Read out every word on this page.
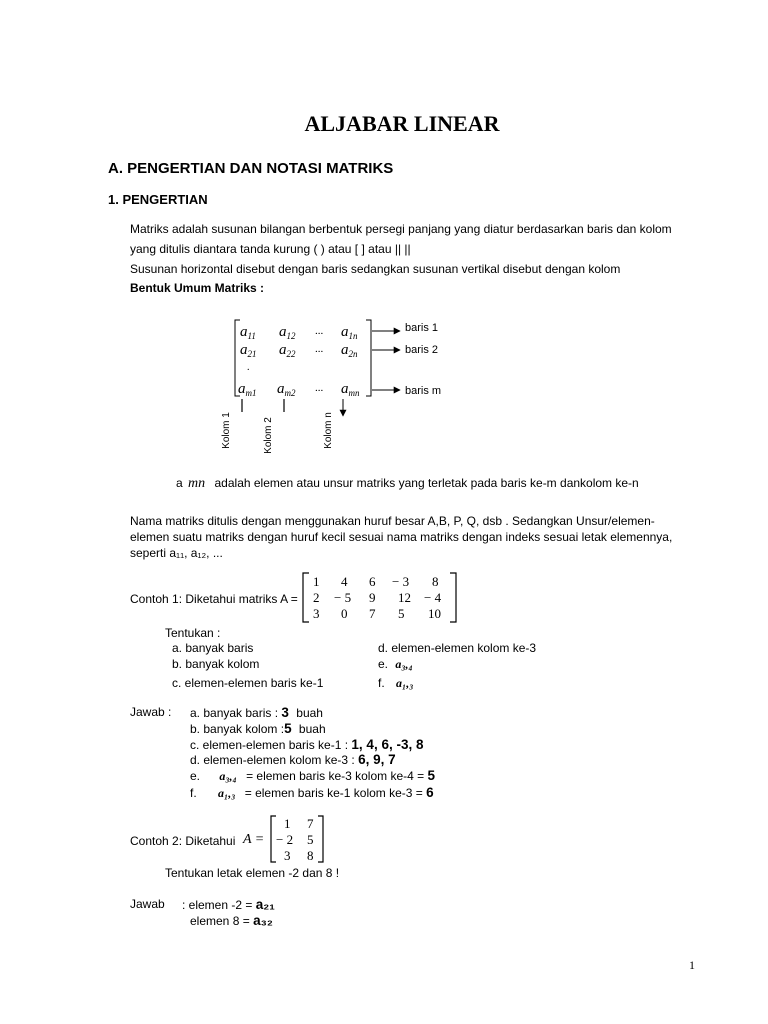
ALJABAR LINEAR
A. PENGERTIAN DAN NOTASI MATRIKS
1. PENGERTIAN
Matriks adalah susunan bilangan berbentuk persegi panjang yang diatur berdasarkan baris dan kolom
yang ditulis diantara tanda kurung ( ) atau [ ] atau || ||
Susunan horizontal disebut dengan baris sedangkan susunan vertikal disebut dengan kolom
Bentuk Umum Matriks :
$a_{11}$ $a_{12}$ ... $a_{1n}$
$a_{21}$ $a_{22}$ ... $a_{2n}$
.
$a_{m1}$ $a_{m2}$ ... $a_{mn}$
baris 1
baris 2
baris m
Kolom 1	Kolom 2	Kolom n
a mn adalah elemen atau unsur matriks yang terletak pada baris ke-m dankolom ke-n
Nama matriks ditulis dengan menggunakan huruf besar A,B, P, Q, dsb . Sedangkan Unsur/elemen-
elemen suatu matriks dengan huruf kecil sesuai nama matriks dengan indeks sesuai letak elemennya,
seperti a₁₁, a₁₂, ...
Contoh 1: Diketahui matriks A =
1 4 6 − 3 8
2 − 5 9 12 − 4
3 0 7 5 10
Tentukan :
a. banyak baris
b. banyak kolom
c. elemen-elemen baris ke-1
d. elemen-elemen kolom ke-3
e. a₃,₄
f. a₁,₃
Jawab : a. banyak baris : 3 buah
b. banyak kolom :5 buah
c. elemen-elemen baris ke-1 : 1, 4, 6, -3, 8
d. elemen-elemen kolom ke-3 : 6, 9, 7
e. a₃,₄ = elemen baris ke-3 kolom ke-4 = 5
f. a₁,₃ = elemen baris ke-1 kolom ke-3 = 6
Contoh 2: Diketahui A =
1 7
− 2 5
3 8
Tentukan letak elemen -2 dan 8 !
Jawab : elemen -2 = a₂₁
elemen 8 = a₃₂
1
